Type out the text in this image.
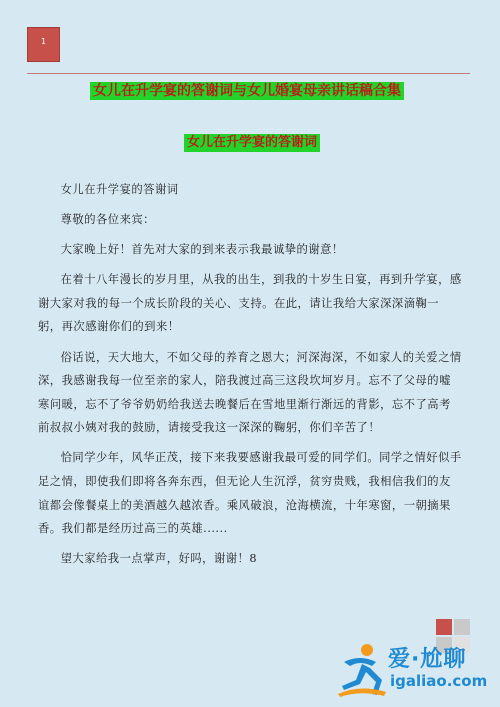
1
女儿在升学宴的答谢词与女儿婚宴母亲讲话稿合集
女儿在升学宴的答谢词

女儿在升学宴的答谢词

尊敬的各位来宾：

大家晚上好！首先对大家的到来表示我最诚挚的谢意！

在着十八年漫长的岁月里，从我的出生，到我的十岁生日宴，再到升学宴，感谢大家对我的每一个成长阶段的关心、支持。在此，请让我给大家深深滴鞠一躬，再次感谢你们的到来！

俗话说，天大地大，不如父母的养育之恩大；河深海深，不如家人的关爱之情深，我感谢我每一位至亲的家人，陪我渡过高三这段坎坷岁月。忘不了父母的嘘寒问暖，忘不了爷爷奶奶给我送去晚餐后在雪地里渐行渐远的背影，忘不了高考前叔叔小姨对我的鼓励，请接受我这一深深的鞠躬，你们辛苦了！

恰同学少年，风华正茂，接下来我要感谢我最可爱的同学们。同学之情好似手足之情，即使我们即将各奔东西，但无论人生沉浮，贫穷贵贱，我相信我们的友谊都会像餐桌上的美酒越久越浓香。乘风破浪，沧海横流，十年寒窗，一朝摘果香。我们都是经历过高三的英雄......

望大家给我一点掌声，好吗，谢谢！8

爱·尬聊
igaliao.com
